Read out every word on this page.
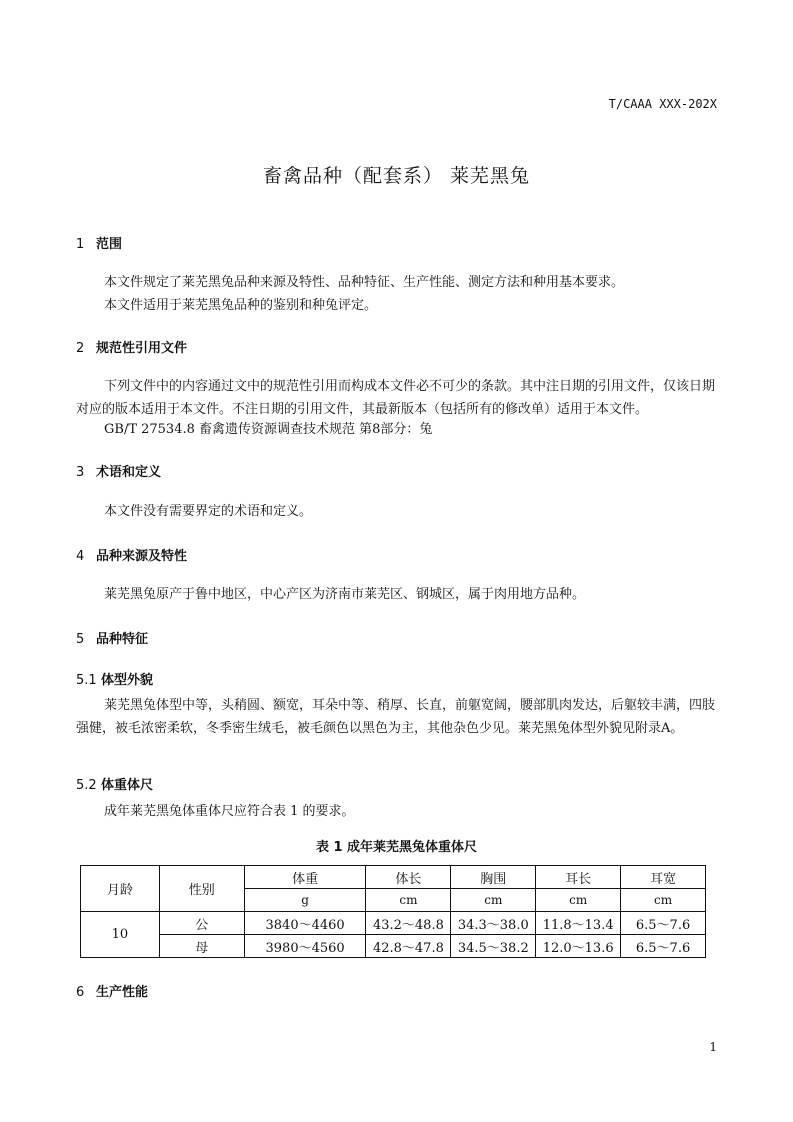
T/CAAA XXX-202X
畜禽品种（配套系） 莱芜黑兔
1 范围
本文件规定了莱芜黑兔品种来源及特性、品种特征、生产性能、测定方法和种用基本要求。
本文件适用于莱芜黑兔品种的鉴别和种兔评定。
2 规范性引用文件
下列文件中的内容通过文中的规范性引用而构成本文件必不可少的条款。其中注日期的引用文件，仅该日期对应的版本适用于本文件。不注日期的引用文件，其最新版本（包括所有的修改单）适用于本文件。
GB/T 27534.8 畜禽遗传资源调查技术规范 第8部分：兔
3 术语和定义
本文件没有需要界定的术语和定义。
4 品种来源及特性
莱芜黑兔原产于鲁中地区，中心产区为济南市莱芜区、钢城区，属于肉用地方品种。
5 品种特征
5.1 体型外貌
莱芜黑兔体型中等，头稍圆、额宽，耳朵中等、稍厚、长直，前躯宽阔，腰部肌肉发达，后躯较丰满，四肢强健，被毛浓密柔软，冬季密生绒毛，被毛颜色以黑色为主，其他杂色少见。莱芜黑兔体型外貌见附录A。
5.2 体重体尺
成年莱芜黑兔体重体尺应符合表 1 的要求。
表 1 成年莱芜黑兔体重体尺
月龄	性别	体重	体长	胸围	耳长	耳宽
		g	cm	cm	cm	cm
10	公	3840～4460	43.2～48.8	34.3～38.0	11.8～13.4	6.5～7.6
	母	3980～4560	42.8～47.8	34.5～38.2	12.0～13.6	6.5～7.6
6 生产性能
1
